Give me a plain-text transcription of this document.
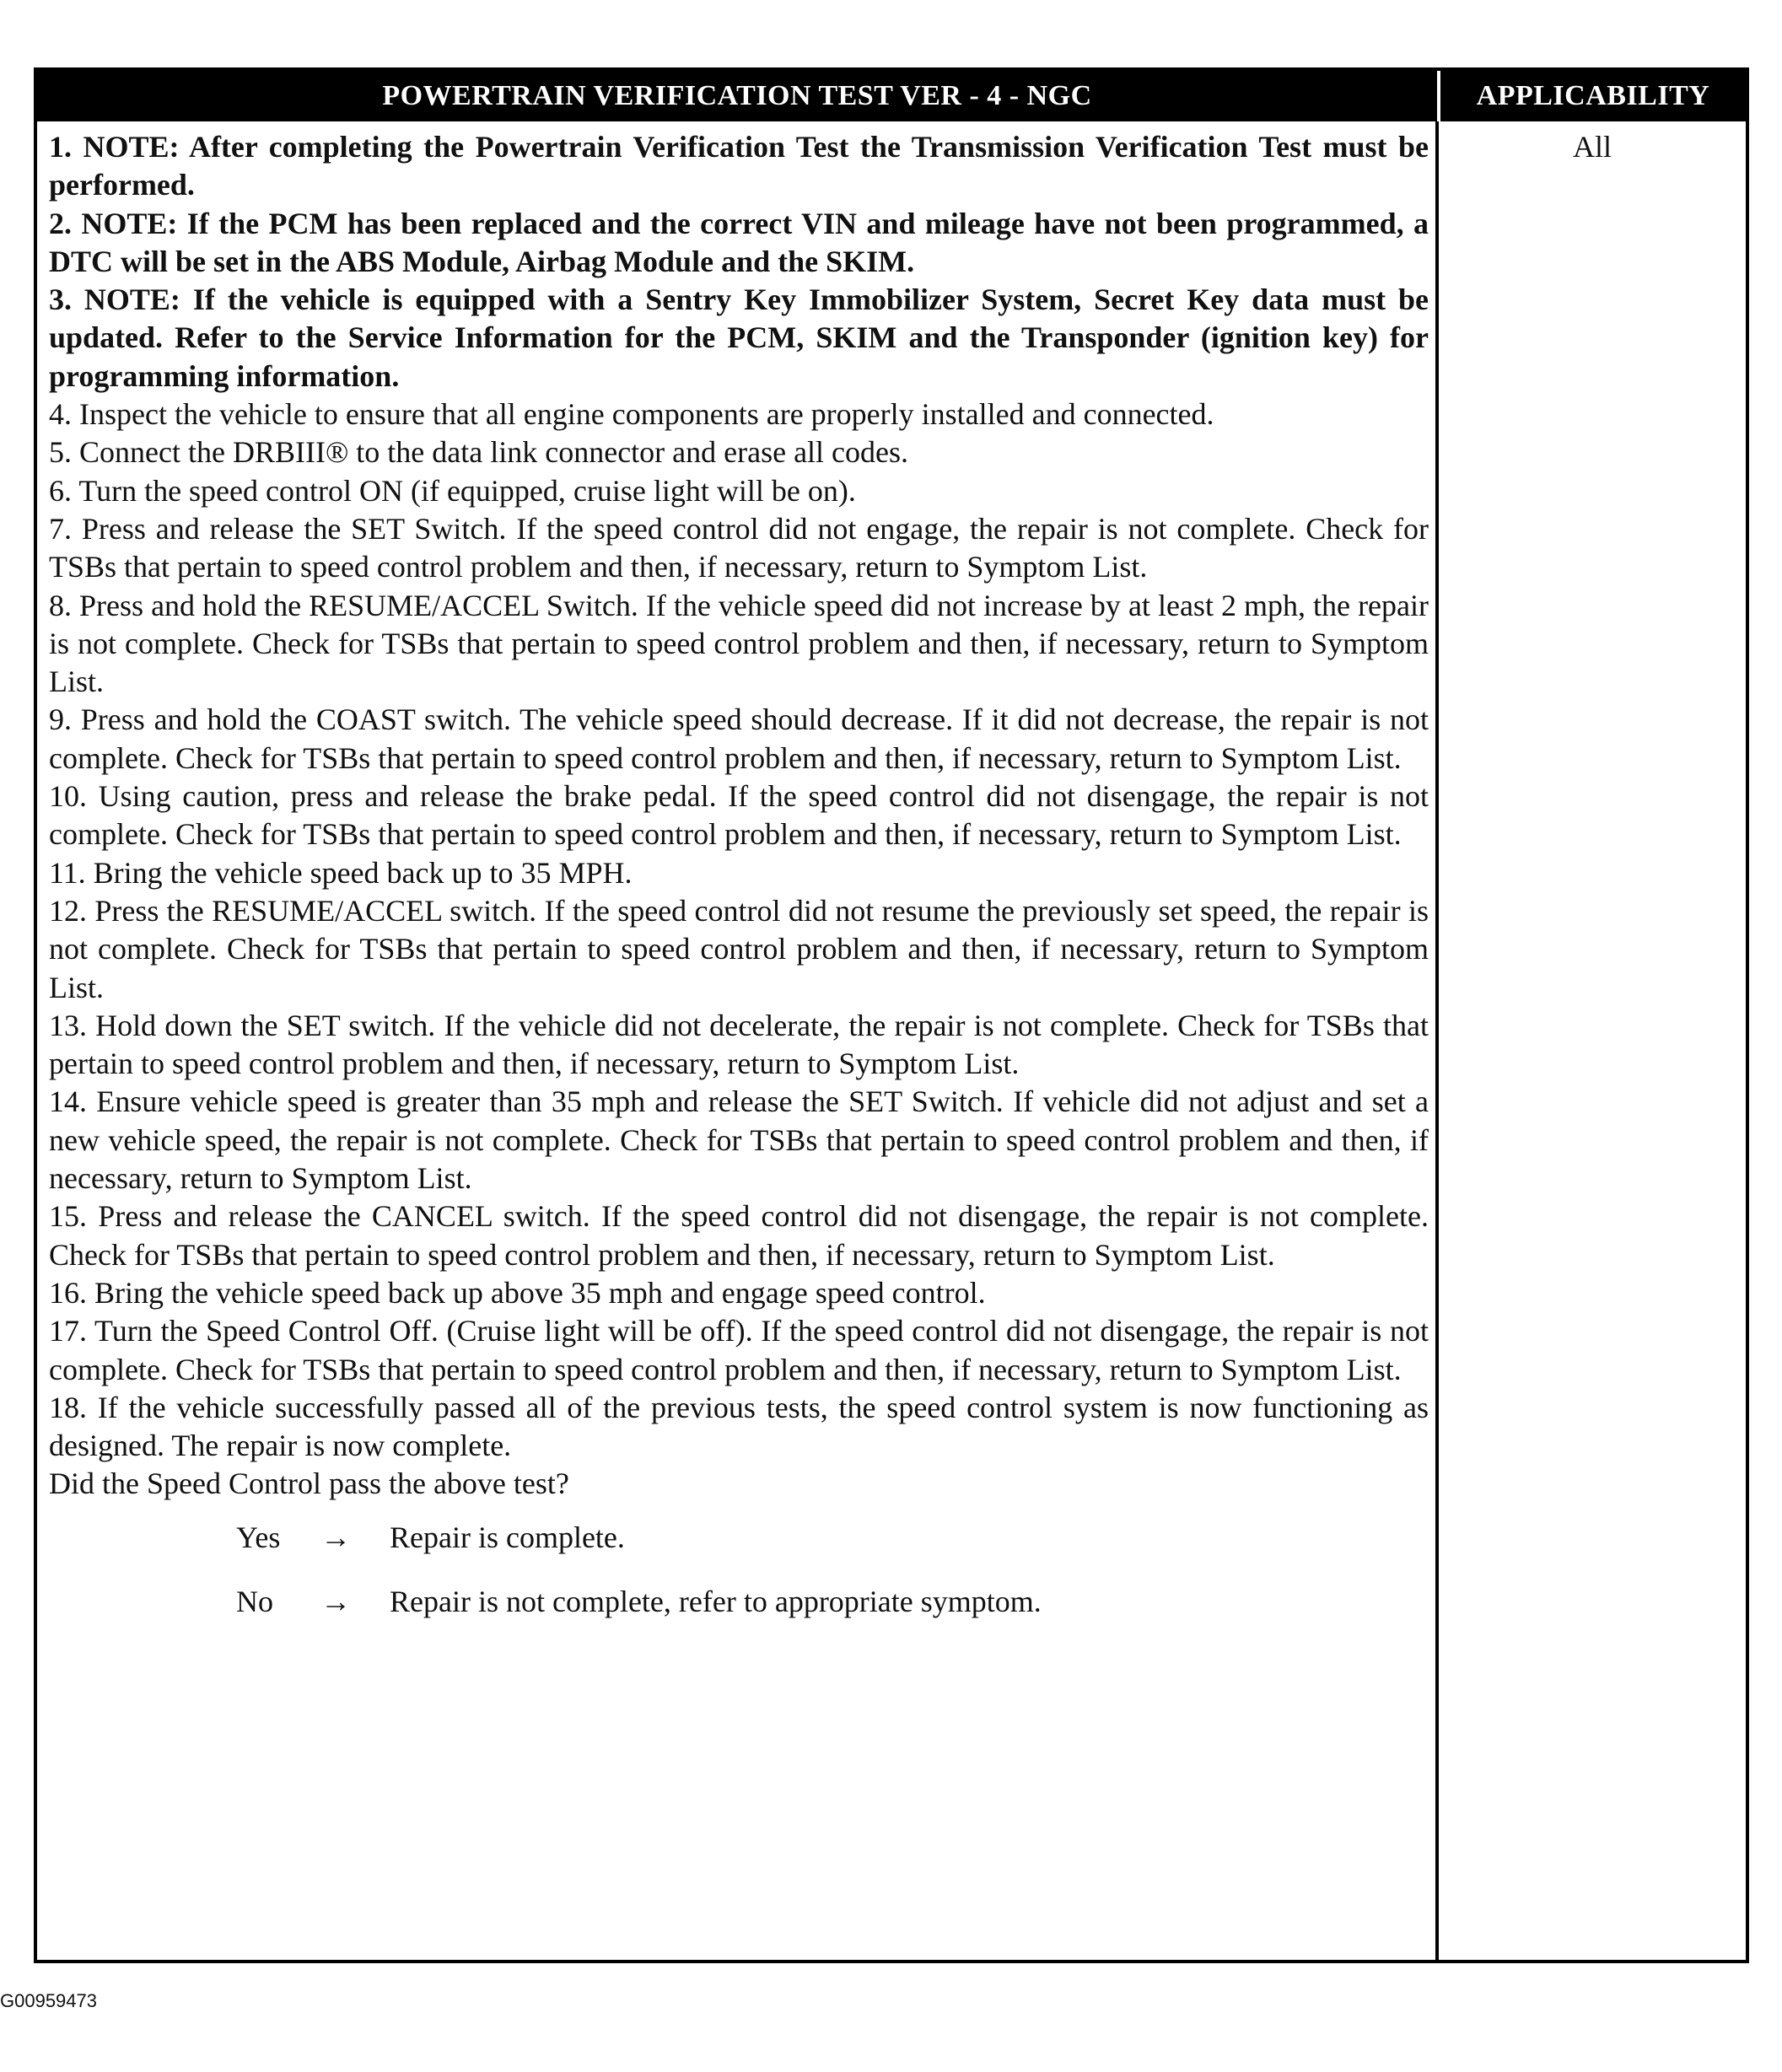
POWERTRAIN VERIFICATION TEST VER - 4 - NGC	APPLICABILITY

1. NOTE: After completing the Powertrain Verification Test the Transmission Verification Test must be performed.

2. NOTE: If the PCM has been replaced and the correct VIN and mileage have not been programmed, a DTC will be set in the ABS Module, Airbag Module and the SKIM.

3. NOTE: If the vehicle is equipped with a Sentry Key Immobilizer System, Secret Key data must be updated. Refer to the Service Information for the PCM, SKIM and the Transponder (ignition key) for programming information.

4. Inspect the vehicle to ensure that all engine components are properly installed and connected.

5. Connect the DRBIII® to the data link connector and erase all codes.

6. Turn the speed control ON (if equipped, cruise light will be on).

7. Press and release the SET Switch. If the speed control did not engage, the repair is not complete. Check for TSBs that pertain to speed control problem and then, if necessary, return to Symptom List.

8. Press and hold the RESUME/ACCEL Switch. If the vehicle speed did not increase by at least 2 mph, the repair is not complete. Check for TSBs that pertain to speed control problem and then, if necessary, return to Symptom List.

9. Press and hold the COAST switch. The vehicle speed should decrease. If it did not decrease, the repair is not complete. Check for TSBs that pertain to speed control problem and then, if necessary, return to Symptom List.

10. Using caution, press and release the brake pedal. If the speed control did not disengage, the repair is not complete. Check for TSBs that pertain to speed control problem and then, if necessary, return to Symptom List.

11. Bring the vehicle speed back up to 35 MPH.

12. Press the RESUME/ACCEL switch. If the speed control did not resume the previously set speed, the repair is not complete. Check for TSBs that pertain to speed control problem and then, if necessary, return to Symptom List.

13. Hold down the SET switch. If the vehicle did not decelerate, the repair is not complete. Check for TSBs that pertain to speed control problem and then, if necessary, return to Symptom List.

14. Ensure vehicle speed is greater than 35 mph and release the SET Switch. If vehicle did not adjust and set a new vehicle speed, the repair is not complete. Check for TSBs that pertain to speed control problem and then, if necessary, return to Symptom List.

15. Press and release the CANCEL switch. If the speed control did not disengage, the repair is not complete. Check for TSBs that pertain to speed control problem and then, if necessary, return to Symptom List.

16. Bring the vehicle speed back up above 35 mph and engage speed control.

17. Turn the Speed Control Off. (Cruise light will be off). If the speed control did not disengage, the repair is not complete. Check for TSBs that pertain to speed control problem and then, if necessary, return to Symptom List.

18. If the vehicle successfully passed all of the previous tests, the speed control system is now functioning as designed. The repair is now complete.

Did the Speed Control pass the above test?

Yes → Repair is complete.
No → Repair is not complete, refer to appropriate symptom.
All
G00959473
